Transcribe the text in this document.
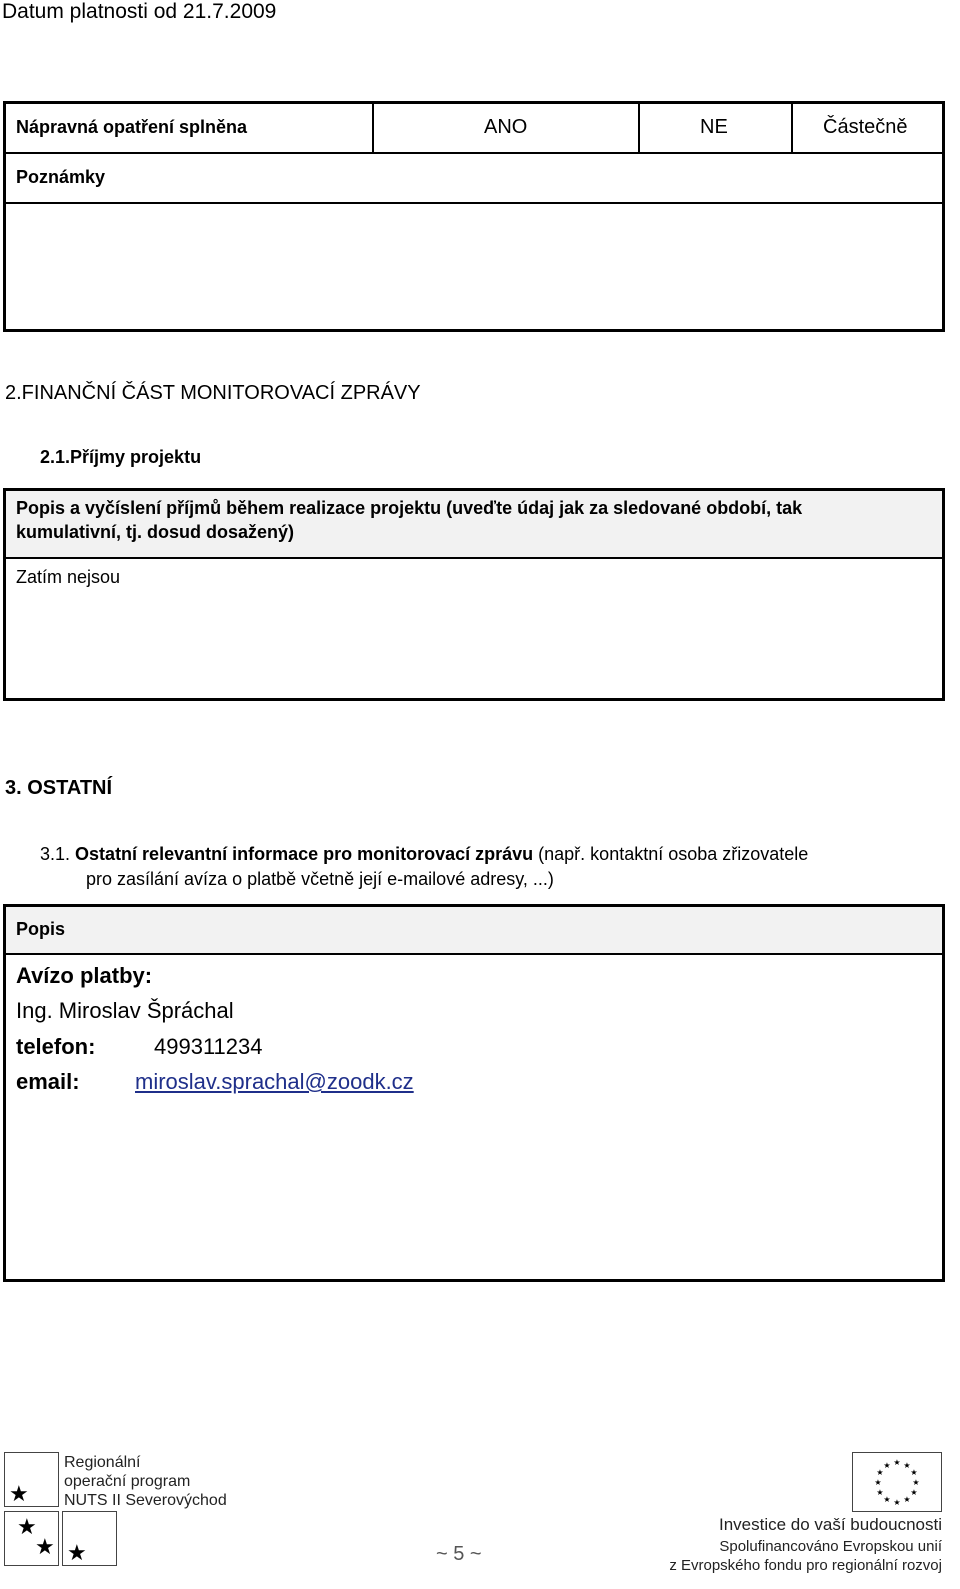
Datum platnosti od 21.7.2009
Nápravná opatření splněna	ANO	NE	Částečně
Poznámky
2.FINANČNÍ ČÁST MONITOROVACÍ ZPRÁVY
2.1.Příjmy projektu
Popis a vyčíslení příjmů během realizace projektu (uveďte údaj jak za sledované období, tak
kumulativní, tj. dosud dosažený)
Zatím nejsou
3. OSTATNÍ
3.1. Ostatní relevantní informace pro monitorovací zprávu (např. kontaktní osoba zřizovatele
pro zasílání avíza o platbě včetně její e-mailové adresy, ...)
Popis
Avízo platby:
Ing. Miroslav Špráchal
telefon:	499311234
email:	miroslav.sprachal@zoodk.cz
★
★
★ ★
Regionální
operační program
NUTS II Severovýchod
~ 5 ~
★ ★
★
★
★
★
★
★
★
★
★
★
Investice do vaší budoucnosti
Spolufinancováno Evropskou unií
z Evropského fondu pro regionální rozvoj
